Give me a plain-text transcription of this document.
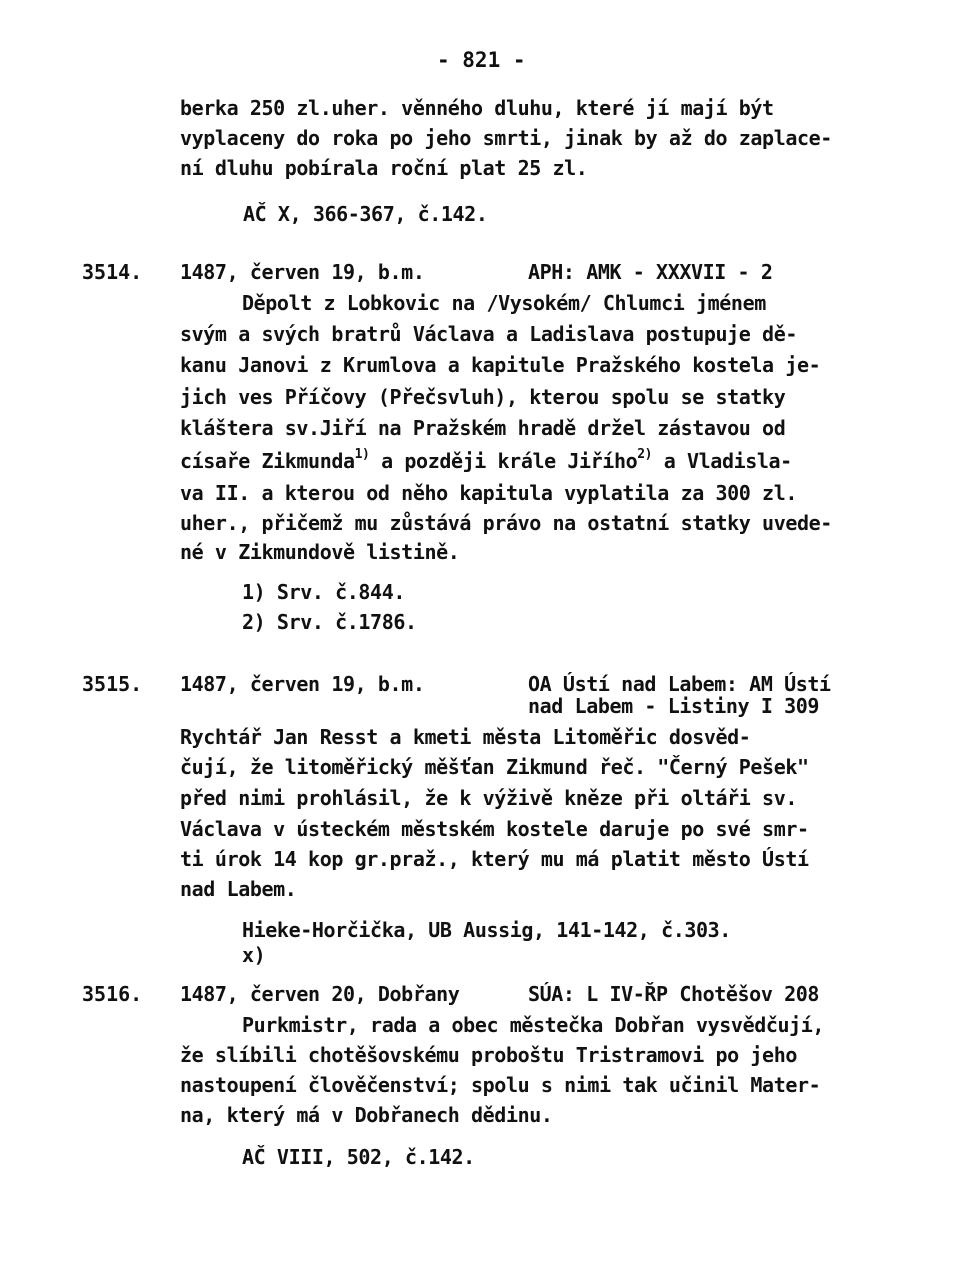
- 821 -
berka 250 zl.uher. věnného dluhu, které jí mají být
vyplaceny do roka po jeho smrti, jinak by až do zaplace-
ní dluhu pobírala roční plat 25 zl.
AČ X, 366-367, č.142.
3514. 1487, červen 19, b.m.	APH: AMK - XXXVII - 2
Děpolt z Lobkovic na /Vysokém/ Chlumci jménem
svým a svých bratrů Václava a Ladislava postupuje dě-
kanu Janovi z Krumlova a kapitule Pražského kostela je-
jich ves Příčovy (Přečsvluh), kterou spolu se statky
kláštera sv.Jiří na Pražském hradě držel zástavou od
císaře Zikmunda$^{1)}$ a později krále Jiřího$^{2)}$ a Vladisla-
va II. a kterou od něho kapitula vyplatila za 300 zl.
uher., přičemž mu zůstává právo na ostatní statky uvede-
né v Zikmundově listině.
1) Srv. č.844.
2) Srv. č.1786.
3515. 1487, červen 19, b.m.	OA Ústí nad Labem: AM Ústí
nad Labem - Listiny I 309
Rychtář Jan Resst a kmeti města Litoměřic dosvěd-
čují, že litoměřický měšťan Zikmund řeč. "Černý Pešek"
před nimi prohlásil, že k výživě kněze při oltáři sv.
Václava v ústeckém městském kostele daruje po své smr-
ti úrok 14 kop gr.praž., který mu má platit město Ústí
nad Labem.
Hieke-Horčička, UB Aussig, 141-142, č.303.
x)
3516. 1487, červen 20, Dobřany	SÚA: L IV-ŘP Chotěšov 208
Purkmistr, rada a obec městečka Dobřan vysvědčují,
že slíbili chotěšovskému proboštu Tristramovi po jeho
nastoupení člověčenství; spolu s nimi tak učinil Mater-
na, který má v Dobřanech dědinu.
AČ VIII, 502, č.142.
